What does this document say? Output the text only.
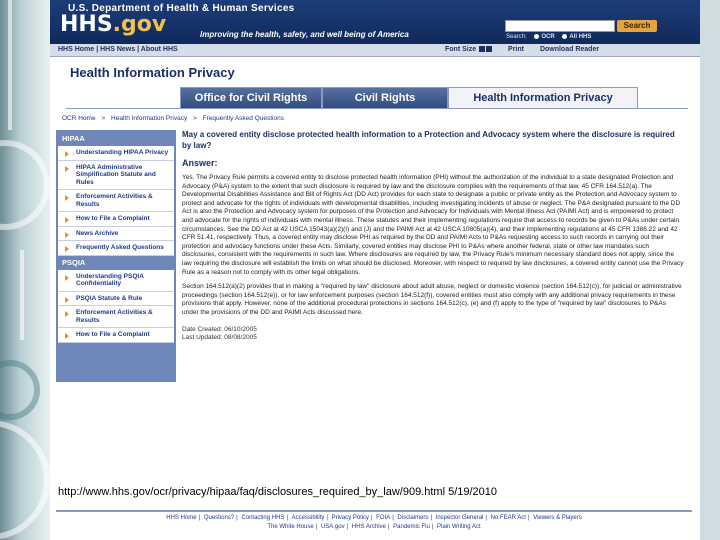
U.S. Department of Health & Human Services
HHS.gov	Improving the health, safety, and well being of America
Search
Search: OCR All HHS
HHS Home | HHS News | About HHS	Font Size	Print Download Reader
Health Information Privacy
Office for Civil Rights	Civil Rights	Health Information Privacy
OCR Home > Health Information Privacy > Frequently Asked Questions
HIPAA
Understanding HIPAA Privacy
HIPAA Administrative Simplification Statute and Rules
Enforcement Activities & Results
How to File a Complaint
News Archive
Frequently Asked Questions
PSQIA
Understanding PSQIA Confidentiality
PSQIA Statute & Rule
Enforcement Activities & Results
How to File a Complaint
May a covered entity disclose protected health information to a Protection and Advocacy system where the disclosure is required by law?
Answer:
Yes. The Privacy Rule permits a covered entity to disclose protected health information (PHI) without the authorization of the individual to a state designated Protection and Advocacy (P&A) system to the extent that such disclosure is required by law and the disclosure complies with the requirements of that law. 45 CFR 164.512(a). The Developmental Disabilities Assistance and Bill of Rights Act (DD Act) provides for each state to designate a public or private entity as the Protection and Advocacy system to protect and advocate for the rights of individuals with developmental disabilities, including investigating incidents of abuse or neglect. The P&A designated pursuant to the DD Act is also the Protection and Advocacy system for purposes of the Protection and Advocacy for Individuals with Mental Illness Act (PAIMI Act) and is empowered to protect and advocate for the rights of individuals with mental illness. These statutes and their implementing regulations require that access to records be given to P&As under certain circumstances. See the DD Act at 42 USCA 15043(a)(2)(I) and (J) and the PAIMI Act at 42 USCA 10805(a)(4), and their implementing regulations at 45 CFR 1386.22 and 42 CFR 51.41, respectively. Thus, a covered entity may disclose PHI as required by the DD and PAIMI Acts to P&As requesting access to such records in carrying out their protection and advocacy functions under these Acts. Similarly, covered entities may disclose PHI to P&As where another federal, state or other law mandates such disclosures, consistent with the requirements in such law. Where disclosures are required by law, the Privacy Rule's minimum necessary standard does not apply, since the law requiring the disclosure will establish the limits on what should be disclosed. Moreover, with respect to required by law disclosures, a covered entity cannot use the Privacy Rule as a reason not to comply with its other legal obligations.
Section 164.512(a)(2) provides that in making a "required by law" disclosure about adult abuse, neglect or domestic violence (section 164.512(c)), for judicial or administrative proceedings (section 164.512(e)), or for law enforcement purposes (section 164.512(f)), covered entities must also comply with any additional privacy requirements in these provisions that apply. However, none of the additional procedural protections in sections 164.512(c), (e) and (f) apply to the type of "required by law" disclosures to P&As under the provisions of the DD and PAIMI Acts discussed here.
Date Created: 06/10/2005
Last Updated: 08/08/2005
http://www.hhs.gov/ocr/privacy/hipaa/faq/disclosures_required_by_law/909.html 5/19/2010
HHS Home | Questions? | Contacting HHS | Accessibility | Privacy Policy | FOIA | Disclaimers | Inspector General | No FEAR Act | Viewers & Players
The White House | USA.gov | HHS Archive | Pandemic Flu | Plain Writing Act
